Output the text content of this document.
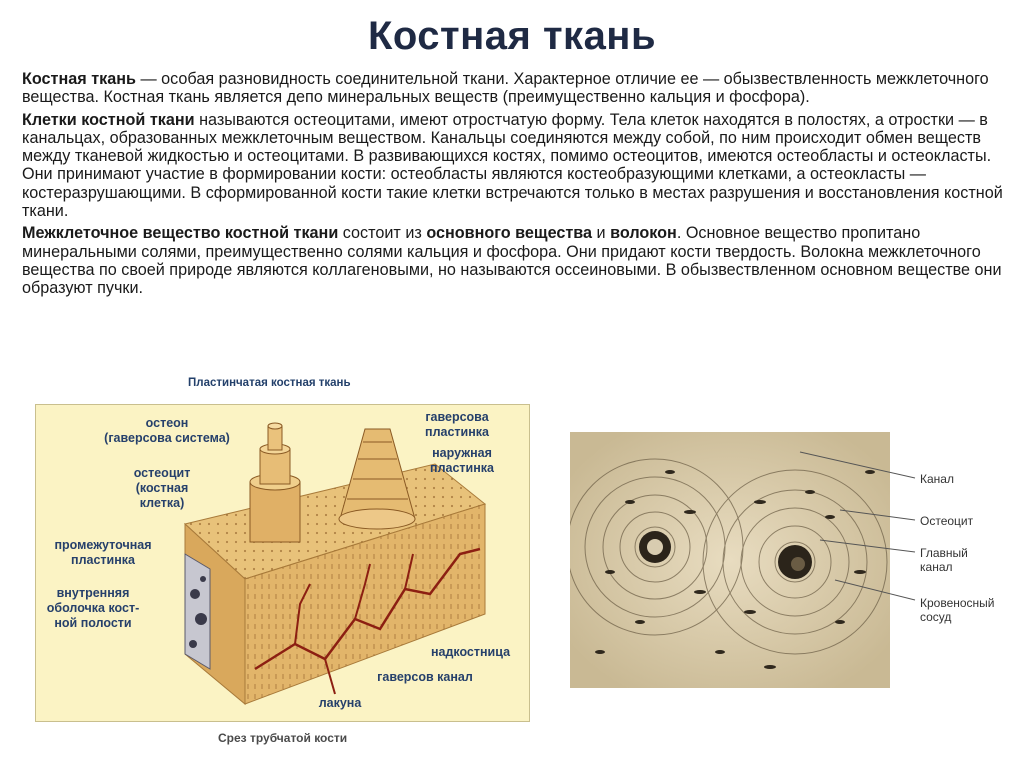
Костная ткань

Костная ткань — особая разновидность соединительной ткани. Характерное отличие ее — обызвествленность межклеточного вещества. Костная ткань является депо минеральных веществ (преимущественно кальция и фосфора).

Клетки костной ткани называются остеоцитами, имеют отростчатую форму. Тела клеток находятся в полостях, а отростки — в канальцах, образованных межклеточным веществом. Канальцы соединяются между собой, по ним происходит обмен веществ между тканевой жидкостью и остеоцитами. В развивающихся костях, помимо остеоцитов, имеются остеобласты и остеокласты. Они принимают участие в формировании кости: остеобласты являются костеобразующими клетками, а остеокласты — костеразрушающими. В сформированной кости такие клетки встречаются только в местах разрушения и восстановления костной ткани.

Межклеточное вещество костной ткани состоит из основного вещества и волокон. Основное вещество пропитано минеральными солями, преимущественно солями кальция и фосфора. Они придают кости твердость. Волокна межклеточного вещества по своей природе являются коллагеновыми, но называются оссеиновыми. В обызвествленном основном веществе они образуют пучки.

Пластинчатая костная ткань
остеон
(гаверсова система)
остеоцит
(костная
клетка)
промежуточная
пластинка
внутренняя
оболочка кост-
ной полости
гаверсова
пластинка
наружная
пластинка
надкостница
гаверсов канал
лакуна
Срез трубчатой кости
Канал
Остеоцит
Главный
канал
Кровеносный
сосуд
